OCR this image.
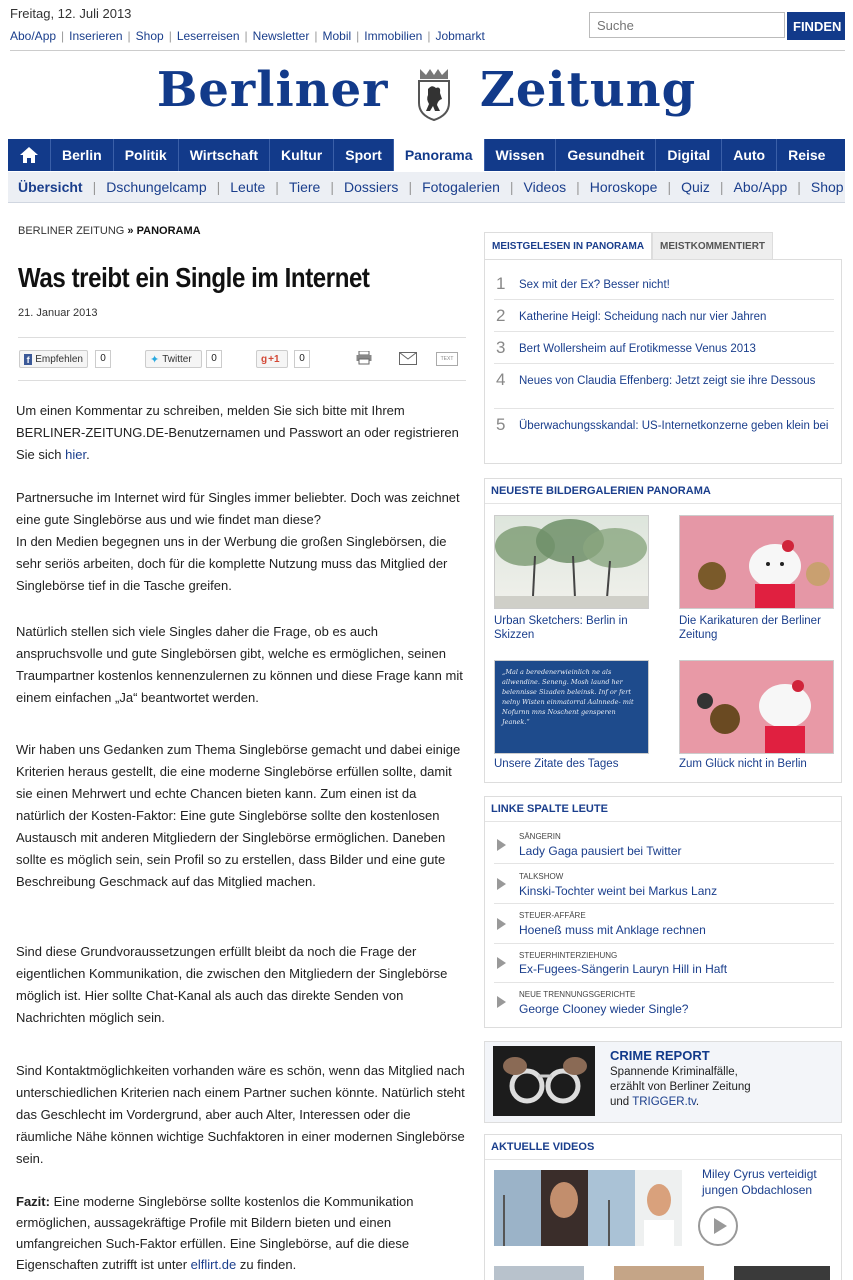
Freitag, 12. Juli 2013
Abo/App | Inserieren | Shop | Leserreisen | Newsletter | Mobil | Immobilien | Jobmarkt
Suche
FINDEN
Berliner Zeitung
Berlin	Politik	Wirtschaft	Kultur	Sport	Panorama	Wissen	Gesundheit	Digital	Auto	Reise
Übersicht | Dschungelcamp | Leute | Tiere | Dossiers | Fotogalerien | Videos | Horoskope | Quiz | Abo/App | Shop
BERLINER ZEITUNG » PANORAMA
Was treibt ein Single im Internet
21. Januar 2013
f Empfehlen	0	✦ Twitter	0	g +1	0	TEXT
Um einen Kommentar zu schreiben, melden Sie sich bitte mit Ihrem BERLINER-ZEITUNG.DE-Benutzernamen und Passwort an oder registrieren Sie sich hier.
Partnersuche im Internet wird für Singles immer beliebter. Doch was zeichnet eine gute Singlebörse aus und wie findet man diese?
In den Medien begegnen uns in der Werbung die großen Singlebörsen, die sehr seriös arbeiten, doch für die komplette Nutzung muss das Mitglied der Singlebörse tief in die Tasche greifen.
Natürlich stellen sich viele Singles daher die Frage, ob es auch anspruchsvolle und gute Singlebörsen gibt, welche es ermöglichen, seinen Traumpartner kostenlos kennenzulernen zu können und diese Frage kann mit einem einfachen „Ja“ beantwortet werden.
Wir haben uns Gedanken zum Thema Singlebörse gemacht und dabei einige Kriterien heraus gestellt, die eine moderne Singlebörse erfüllen sollte, damit sie einen Mehrwert und echte Chancen bieten kann. Zum einen ist da natürlich der Kosten-Faktor: Eine gute Singlebörse sollte den kostenlosen Austausch mit anderen Mitgliedern der Singlebörse ermöglichen. Daneben sollte es möglich sein, sein Profil so zu erstellen, dass Bilder und eine gute Beschreibung Geschmack auf das Mitglied machen.
Sind diese Grundvoraussetzungen erfüllt bleibt da noch die Frage der eigentlichen Kommunikation, die zwischen den Mitgliedern der Singlebörse möglich ist. Hier sollte Chat-Kanal als auch das direkte Senden von Nachrichten möglich sein.
Sind Kontaktmöglichkeiten vorhanden wäre es schön, wenn das Mitglied nach unterschiedlichen Kriterien nach einem Partner suchen könnte. Natürlich steht das Geschlecht im Vordergrund, aber auch Alter, Interessen oder die räumliche Nähe können wichtige Suchfaktoren in einer modernen Singlebörse sein.
Fazit: Eine moderne Singlebörse sollte kostenlos die Kommunikation ermöglichen, aussagekräftige Profile mit Bildern bieten und einen umfangreichen Such-Faktor erfüllen. Eine Singlebörse, auf die diese Eigenschaften zutrifft ist unter elflirt.de zu finden.
MEISTGELESEN IN PANORAMA	MEISTKOMMENTIERT
1 Sex mit der Ex? Besser nicht!
2 Katherine Heigl: Scheidung nach nur vier Jahren
3 Bert Wollersheim auf Erotikmesse Venus 2013
4 Neues von Claudia Effenberg: Jetzt zeigt sie ihre Dessous
5 Überwachungsskandal: US-Internetkonzerne geben klein bei
NEUESTE BILDERGALERIEN PANORAMA
Urban Sketchers: Berlin in Skizzen
Die Karikaturen der Berliner Zeitung
„Mal a beredenerwieinlich ne als allwendine. Seneng. Mosh laund her belennisse Sizaden beleinsk. Inf or fert nelny Wisten einmatorral Aalnnede- mit Nofurnn mns Noschent gensperen Jeanek.“
Unsere Zitate des Tages	Zum Glück nicht in Berlin
LINKE SPALTE LEUTE
SÄNGERIN
Lady Gaga pausiert bei Twitter
TALKSHOW
Kinski-Tochter weint bei Markus Lanz
STEUER-AFFÄRE
Hoeneß muss mit Anklage rechnen
STEUERHINTERZIEHUNG
Ex-Fugees-Sängerin Lauryn Hill in Haft
NEUE TRENNUNGSGERICHTE
George Clooney wieder Single?
CRIME REPORT
Spannende Kriminalfälle, erzählt von Berliner Zeitung und TRIGGER.tv.
AKTUELLE VIDEOS
Miley Cyrus verteidigt jungen Obdachlosen
